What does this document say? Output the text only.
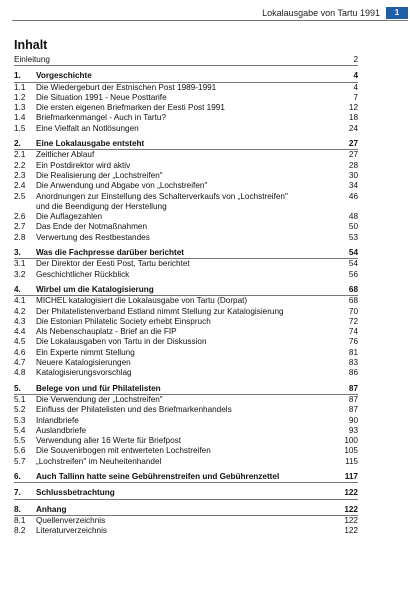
Lokalausgabe von Tartu 1991	1
Inhalt
Einleitung	2
1. Vorgeschichte	4
1.1 Die Wiedergeburt der Estnischen Post 1989-1991	4
1.2 Die Situation 1991 - Neue Posttarife	7
1.3 Die ersten eigenen Briefmarken der Eesti Post 1991	12
1.4 Briefmarkenmangel - Auch in Tartu?	18
1.5 Eine Vielfalt an Notlösungen	24
2. Eine Lokalausgabe entsteht	27
2.1 Zeitlicher Ablauf	27
2.2 Ein Postdirektor wird aktiv	28
2.3 Die Realisierung der „Lochstreifen"	30
2.4 Die Anwendung und Abgabe von „Lochstreifen"	34
2.5 Anordnungen zur Einstellung des Schalterverkaufs von „Lochstreifen"	46
und die Beendigung der Herstellung
2.6 Die Auflagezahlen	48
2.7 Das Ende der Notmaßnahmen	50
2.8 Verwertung des Restbestandes	53
3. Was die Fachpresse darüber berichtet	54
3.1 Der Direktor der Eesti Post, Tartu berichtet	54
3.2 Geschichtlicher Rückblick	56
4. Wirbel um die Katalogisierung	68
4.1 MICHEL katalogisiert die Lokalausgabe von Tartu (Dorpat)	68
4.2 Der Philatelistenverband Estland nimmt Stellung zur Katalogisierung	70
4.3 Die Estonian Philatelic Society erhebt Einspruch	72
4.4 Als Nebenschauplatz - Brief an die FIP	74
4.5 Die Lokalausgaben von Tartu in der Diskussion	76
4.6 Ein Experte nimmt Stellung	81
4.7 Neuere Katalogisierungen	83
4.8 Katalogisierungsvorschlag	86
5. Belege von und für Philatelisten	87
5.1 Die Verwendung der „Lochstreifen"	87
5.2 Einfluss der Philatelisten und des Briefmarkenhandels	87
5.3 Inlandbriefe	90
5.4 Auslandbriefe	93
5.5 Verwendung aller 16 Werte für Briefpost	100
5.6 Die Souvenirbogen mit entwerteten Lochstreifen	105
5.7 „Lochstreifen" im Neuheitenhandel	115
6. Auch Tallinn hatte seine Gebührenstreifen und Gebührenzettel	117
7. Schlussbetrachtung	122
8. Anhang	122
8.1 Quellenverzeichnis	122
8.2 Literaturverzeichnis	122
